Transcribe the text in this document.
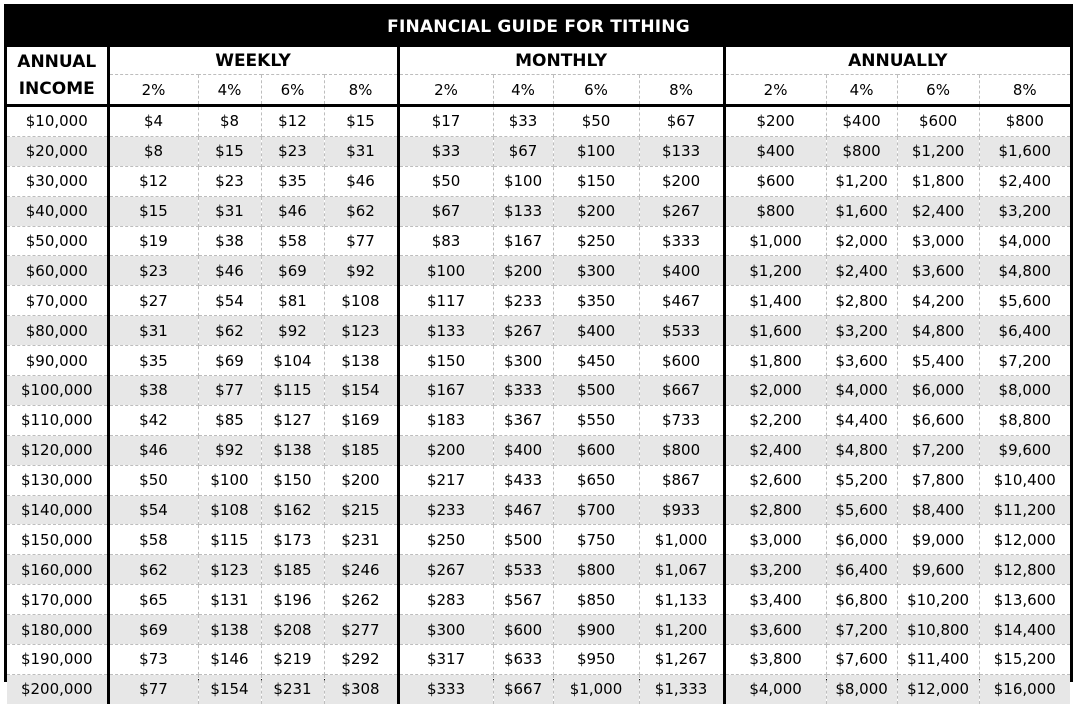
FINANCIAL GUIDE FOR TITHING
ANNUAL
INCOME	WEEKLY				MONTHLY				ANNUALLY			
	2%	4%	6%	8%	2%	4%	6%	8%	2%	4%	6%	8%
$10,000	$4	$8	$12	$15	$17	$33	$50	$67	$200	$400	$600	$800
$20,000	$8	$15	$23	$31	$33	$67	$100	$133	$400	$800	$1,200	$1,600
$30,000	$12	$23	$35	$46	$50	$100	$150	$200	$600	$1,200	$1,800	$2,400
$40,000	$15	$31	$46	$62	$67	$133	$200	$267	$800	$1,600	$2,400	$3,200
$50,000	$19	$38	$58	$77	$83	$167	$250	$333	$1,000	$2,000	$3,000	$4,000
$60,000	$23	$46	$69	$92	$100	$200	$300	$400	$1,200	$2,400	$3,600	$4,800
$70,000	$27	$54	$81	$108	$117	$233	$350	$467	$1,400	$2,800	$4,200	$5,600
$80,000	$31	$62	$92	$123	$133	$267	$400	$533	$1,600	$3,200	$4,800	$6,400
$90,000	$35	$69	$104	$138	$150	$300	$450	$600	$1,800	$3,600	$5,400	$7,200
$100,000	$38	$77	$115	$154	$167	$333	$500	$667	$2,000	$4,000	$6,000	$8,000
$110,000	$42	$85	$127	$169	$183	$367	$550	$733	$2,200	$4,400	$6,600	$8,800
$120,000	$46	$92	$138	$185	$200	$400	$600	$800	$2,400	$4,800	$7,200	$9,600
$130,000	$50	$100	$150	$200	$217	$433	$650	$867	$2,600	$5,200	$7,800	$10,400
$140,000	$54	$108	$162	$215	$233	$467	$700	$933	$2,800	$5,600	$8,400	$11,200
$150,000	$58	$115	$173	$231	$250	$500	$750	$1,000	$3,000	$6,000	$9,000	$12,000
$160,000	$62	$123	$185	$246	$267	$533	$800	$1,067	$3,200	$6,400	$9,600	$12,800
$170,000	$65	$131	$196	$262	$283	$567	$850	$1,133	$3,400	$6,800	$10,200	$13,600
$180,000	$69	$138	$208	$277	$300	$600	$900	$1,200	$3,600	$7,200	$10,800	$14,400
$190,000	$73	$146	$219	$292	$317	$633	$950	$1,267	$3,800	$7,600	$11,400	$15,200
$200,000	$77	$154	$231	$308	$333	$667	$1,000	$1,333	$4,000	$8,000	$12,000	$16,000
